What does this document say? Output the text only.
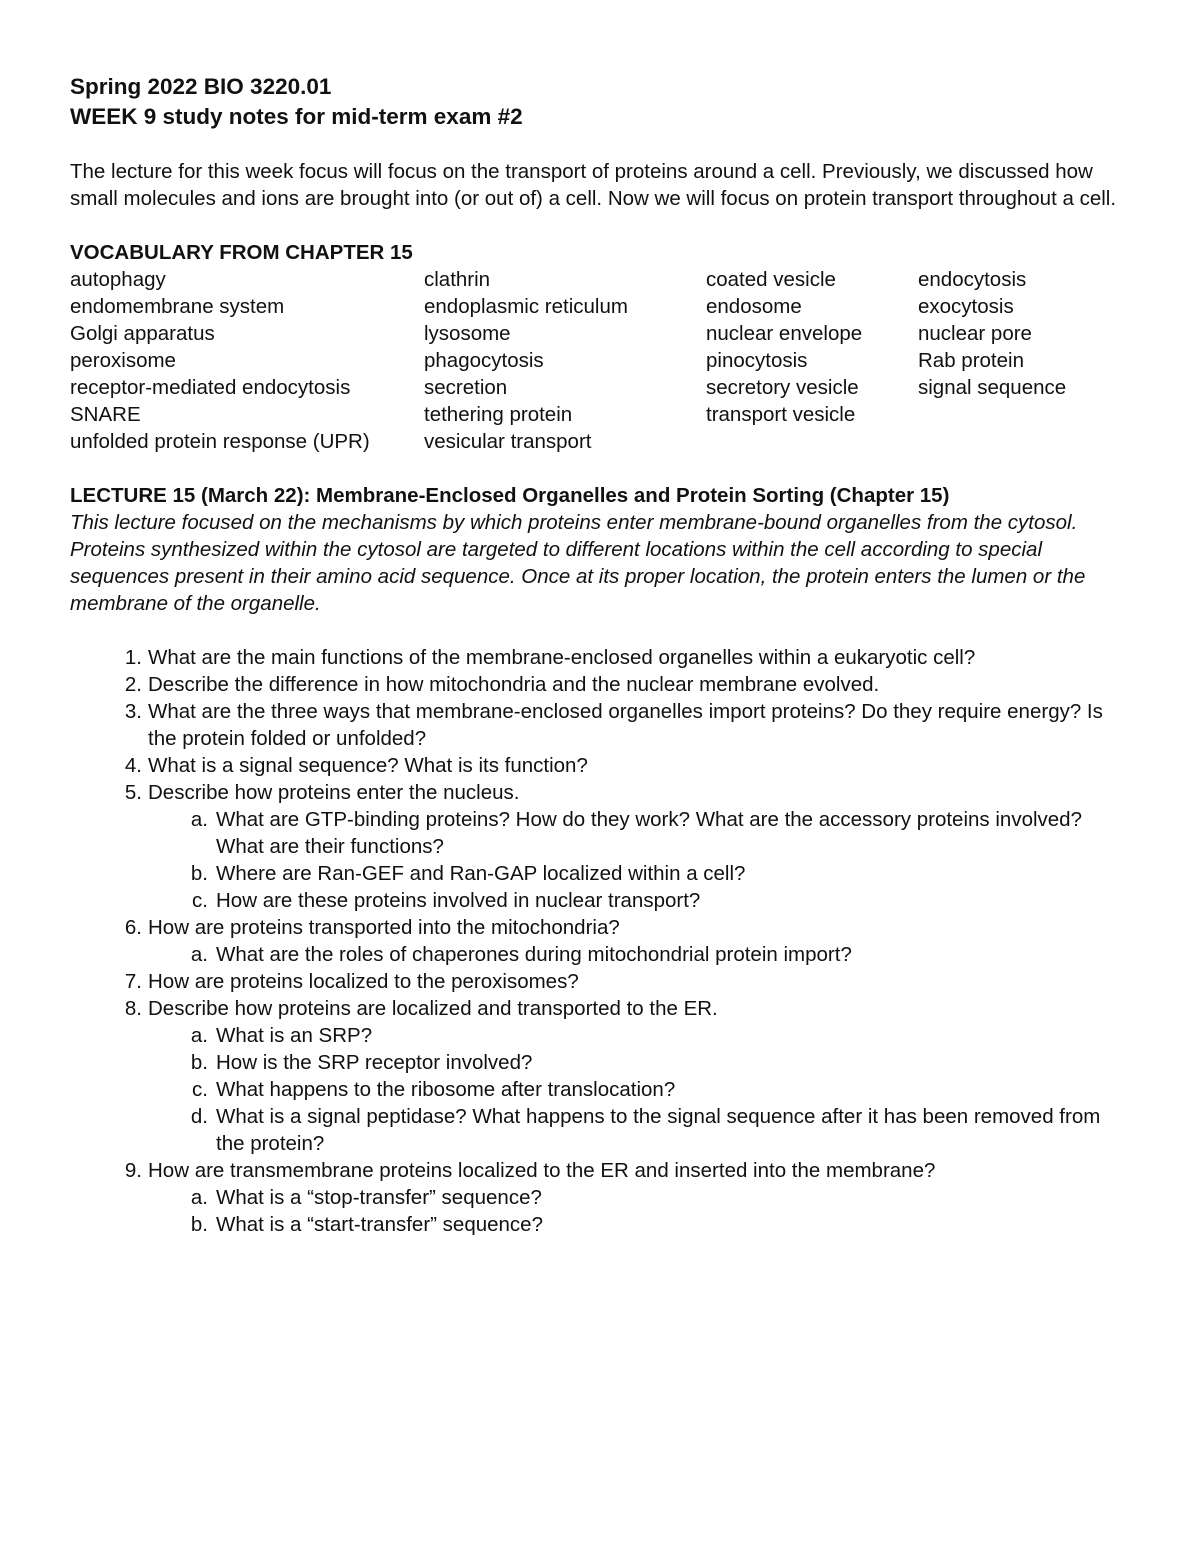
Spring 2022 BIO 3220.01
WEEK 9 study notes for mid-term exam #2
The lecture for this week focus will focus on the transport of proteins around a cell. Previously, we discussed how small molecules and ions are brought into (or out of) a cell. Now we will focus on protein transport throughout a cell.
VOCABULARY FROM CHAPTER 15
autophagy	clathrin	coated vesicle	endocytosis
endomembrane system	endoplasmic reticulum	endosome	exocytosis
Golgi apparatus	lysosome	nuclear envelope	nuclear pore
peroxisome	phagocytosis	pinocytosis	Rab protein
receptor-mediated endocytosis	secretion	secretory vesicle	signal sequence
SNARE	tethering protein	transport vesicle
unfolded protein response (UPR)	vesicular transport
LECTURE 15 (March 22): Membrane-Enclosed Organelles and Protein Sorting (Chapter 15)
This lecture focused on the mechanisms by which proteins enter membrane-bound organelles from the cytosol. Proteins synthesized within the cytosol are targeted to different locations within the cell according to special sequences present in their amino acid sequence. Once at its proper location, the protein enters the lumen or the membrane of the organelle.
1. What are the main functions of the membrane-enclosed organelles within a eukaryotic cell?
2. Describe the difference in how mitochondria and the nuclear membrane evolved.
3. What are the three ways that membrane-enclosed organelles import proteins? Do they require energy? Is the protein folded or unfolded?
4. What is a signal sequence? What is its function?
5. Describe how proteins enter the nucleus.
a. What are GTP-binding proteins? How do they work? What are the accessory proteins involved? What are their functions?
b. Where are Ran-GEF and Ran-GAP localized within a cell?
c. How are these proteins involved in nuclear transport?
6. How are proteins transported into the mitochondria?
a. What are the roles of chaperones during mitochondrial protein import?
7. How are proteins localized to the peroxisomes?
8. Describe how proteins are localized and transported to the ER.
a. What is an SRP?
b. How is the SRP receptor involved?
c. What happens to the ribosome after translocation?
d. What is a signal peptidase? What happens to the signal sequence after it has been removed from the protein?
9. How are transmembrane proteins localized to the ER and inserted into the membrane?
a. What is a “stop-transfer” sequence?
b. What is a “start-transfer” sequence?
